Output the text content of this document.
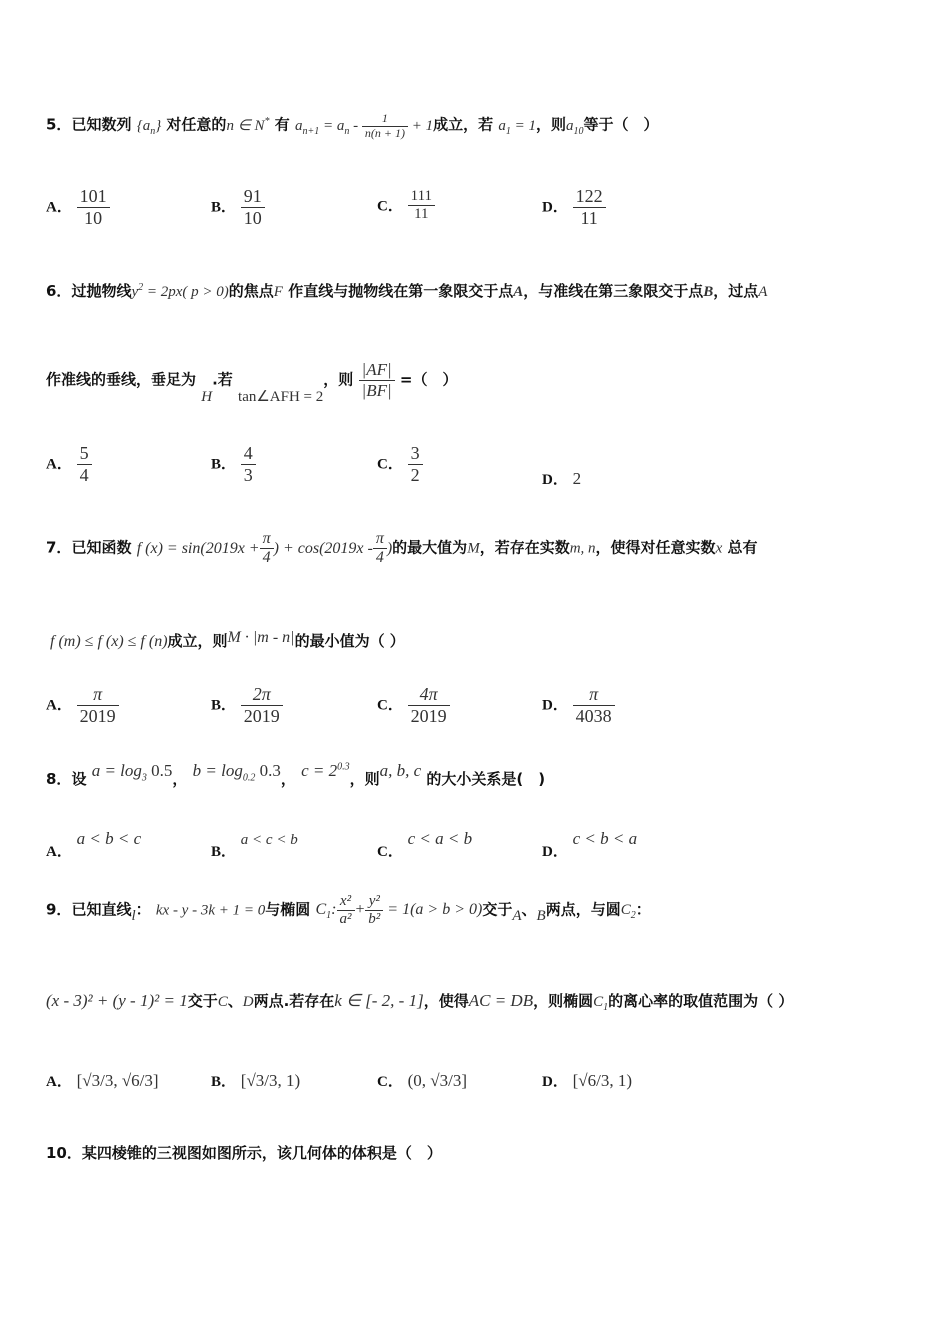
5．已知数列 $\{a_n\}$ 对任意的n ∈ N* 有 $a_{n+1} = a_n - \frac{1}{n(n + 1)} + 1$成立，若 $a_1 = 1$，则$a_{10}$等于（　）
A． $\frac{101}{10}$	B． $\frac{91}{10}$	C． $\frac{111}{11}$	D． $\frac{122}{11}$
6．过抛物线$y^2 = 2px$( p > 0)的焦点F 作直线与抛物线在第一象限交于点A，与准线在第三象限交于点B，过点A
作准线的垂线，垂足为 H.若 tan∠AFH = 2，则 $\frac{|AF|}{|BF|}$ =（　）
A． $\frac{5}{4}$	B． $\frac{4}{3}$	C． $\frac{3}{2}$	D． 2
7．已知函数 f $(x) = \sin(2019x + \frac{\pi}{4}$ ) + $\cos(2019x - \frac{\pi}{4}$ )的最大值为M，若存在实数m, n，使得对任意实数x 总有
f (m) ≤ f (x) ≤ f (n)成立，则M · |m - n|的最小值为（ ）
A． $\frac{\pi}{2019}$	B． $\frac{2\pi}{2019}$	C． $\frac{4\pi}{2019}$	D． $\frac{\pi}{4038}$
8．设 $a = \log_3 0.5$， $b = \log_{0.2} 0.3$， $c = 2^{0.3}$，则a, b, c 的大小关系是(　)
A． a < b < c
B． a < c < b
C． c < a < b
D． c < b < a
9．已知直线l： kx - y - 3k + 1 = 0与椭圆 $C_1$: $\frac{\text{x²}}{\text{a²}} + \frac{\text{y²}}{\text{b²}} = 1(a > b > 0)$交于A、B两点，与圆$C_2$：
(x - 3)² + (y - 1)² = 1交于C、D两点.若存在k ∈ [- 2, - 1]，使得AC = DB，则椭圆$C_1$的离心率的取值范围为（ ）
A． [√3/3, √6/3]	B． [√3/3, 1)	C． (0, √3/3]	D． [√6/3, 1)
10．某四棱锥的三视图如图所示，该几何体的体积是（　）
